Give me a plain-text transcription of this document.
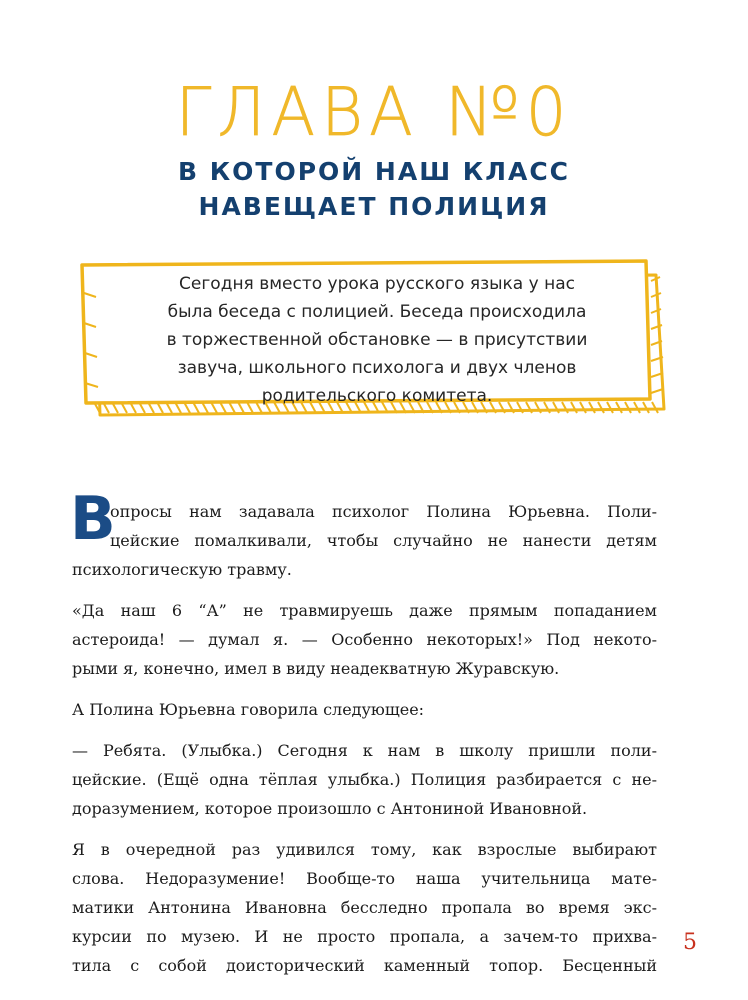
ГЛАВА №0
В КОТОРОЙ НАШ КЛАСС
НАВЕЩАЕТ ПОЛИЦИЯ
Сегодня вместо урока русского языка у нас
была беседа с полицией. Беседа происходила
в торжественной обстановке — в присутствии
завуча, школьного психолога и двух членов
родительского комитета.
В
опросы нам задавала психолог Полина Юрьевна. Поли-
цейские помалкивали, чтобы случайно не нанести детям
психологическую травму.
«Да наш 6 “А” не травмируешь даже прямым попаданием
астероида! — думал я. — Особенно некоторых!» Под некото-
рыми я, конечно, имел в виду неадекватную Журавскую.
А Полина Юрьевна говорила следующее:
— Ребята. (Улыбка.) Сегодня к нам в школу пришли поли-
цейские. (Ещё одна тёплая улыбка.) Полиция разбирается с не-
доразумением, которое произошло с Антониной Ивановной.
Я в очередной раз удивился тому, как взрослые выбирают
слова. Недоразумение! Вообще-то наша учительница мате-
матики Антонина Ивановна бесследно пропала во время экс-
курсии по музею. И не просто пропала, а зачем-то прихва-
тила с собой доисторический каменный топор. Бесценный
5
